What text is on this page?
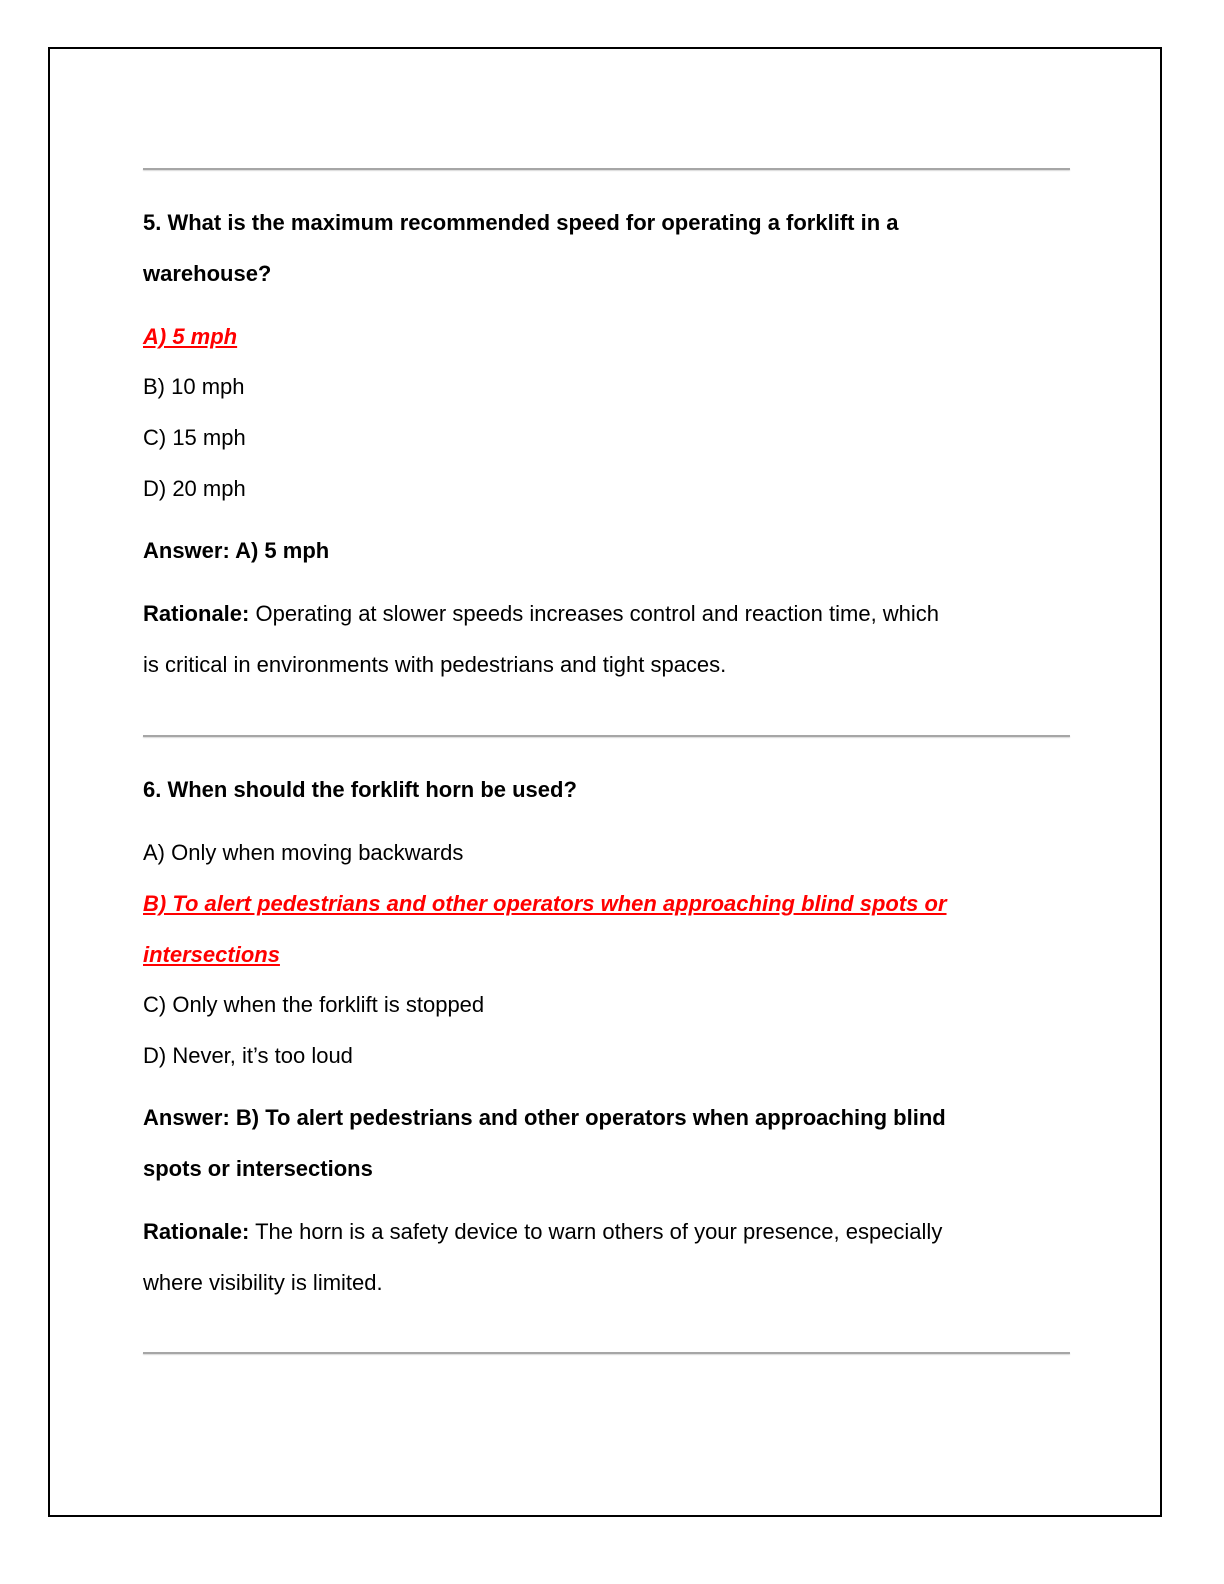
5. What is the maximum recommended speed for operating a forklift in a
warehouse?
A) 5 mph
B) 10 mph
C) 15 mph
D) 20 mph
Answer: A) 5 mph
Rationale: Operating at slower speeds increases control and reaction time, which
is critical in environments with pedestrians and tight spaces.
6. When should the forklift horn be used?
A) Only when moving backwards
B) To alert pedestrians and other operators when approaching blind spots or
intersections
C) Only when the forklift is stopped
D) Never, it’s too loud
Answer: B) To alert pedestrians and other operators when approaching blind
spots or intersections
Rationale: The horn is a safety device to warn others of your presence, especially
where visibility is limited.
